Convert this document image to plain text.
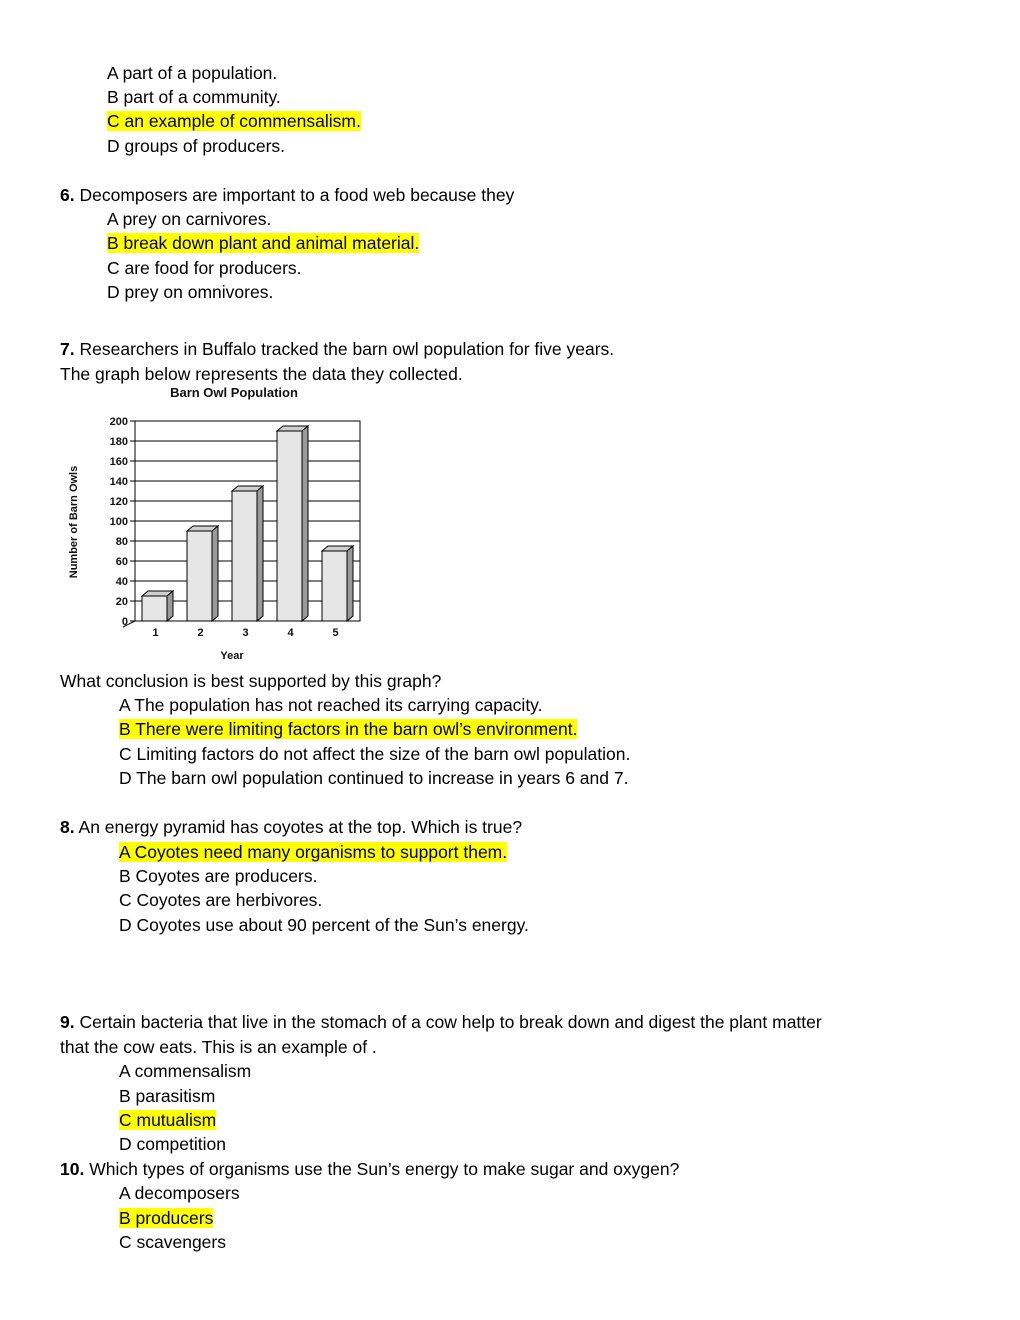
A part of a population.
B part of a community.
C an example of commensalism.
D groups of producers.
6. Decomposers are important to a food web because they
A prey on carnivores.
B break down plant and animal material.
C are food for producers.
D prey on omnivores.
7. Researchers in Buffalo tracked the barn owl population for five years.
The graph below represents the data they collected.
0
20
40
60
80
100
120
140
160
180
200
1	2	3	4	5
Barn Owl Population
Year
Number of Barn Owls
What conclusion is best supported by this graph?
A The population has not reached its carrying capacity.
B There were limiting factors in the barn owl’s environment.
C Limiting factors do not affect the size of the barn owl population.
D The barn owl population continued to increase in years 6 and 7.
8. An energy pyramid has coyotes at the top. Which is true?
A Coyotes need many organisms to support them.
B Coyotes are producers.
C Coyotes are herbivores.
D Coyotes use about 90 percent of the Sun’s energy.
9. Certain bacteria that live in the stomach of a cow help to break down and digest the plant matter
that the cow eats. This is an example of .
A commensalism
B parasitism
C mutualism
D competition
10. Which types of organisms use the Sun’s energy to make sugar and oxygen?
A decomposers
B producers
C scavengers
